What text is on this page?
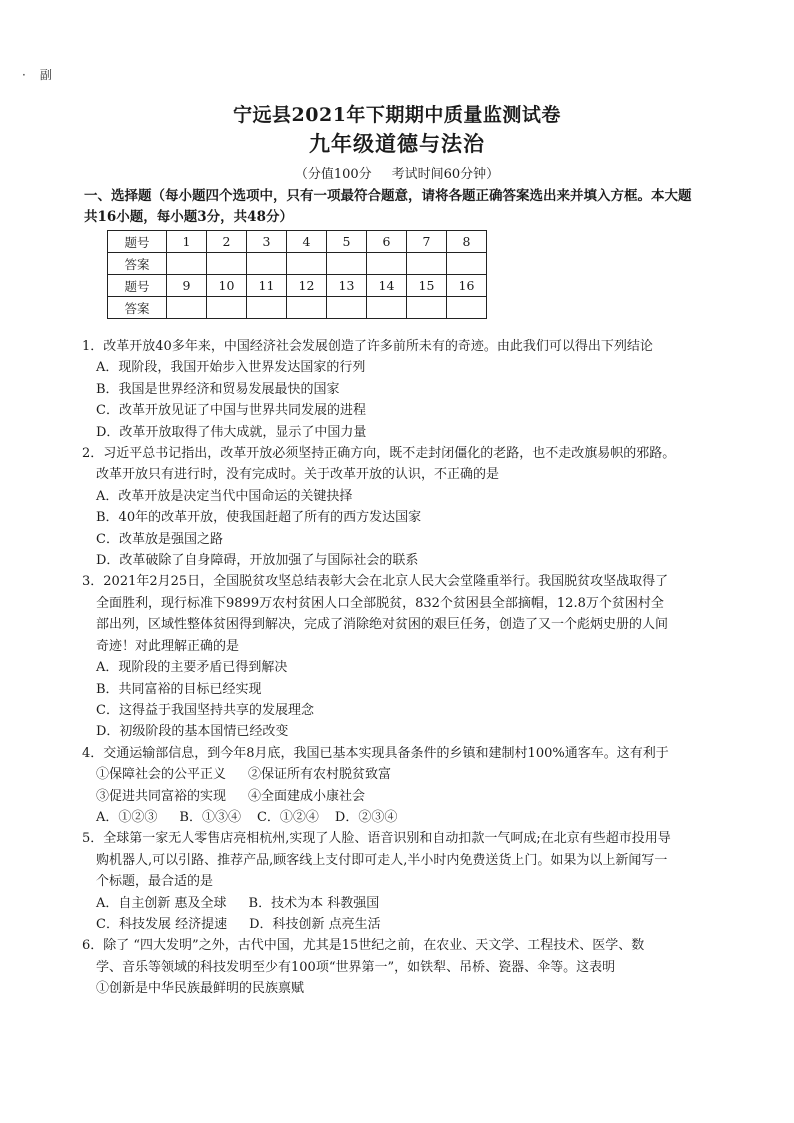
· 副
宁远县2021年下期期中质量监测试卷
九年级道德与法治
（分值100分 考试时间60分钟）
一、选择题（每小题四个选项中，只有一项最符合题意，请将各题正确答案选出来并填入方框。本大题
共16小题，每小题3分，共48分）
题号	1	2	3	4	5	6	7	8
答案								
题号	9	10	11	12	13	14	15	16
答案								
1．改革开放40多年来，中国经济社会发展创造了许多前所未有的奇迹。由此我们可以得出下列结论
A．现阶段，我国开始步入世界发达国家的行列
B．我国是世界经济和贸易发展最快的国家
C．改革开放见证了中国与世界共同发展的进程
D．改革开放取得了伟大成就，显示了中国力量
2．习近平总书记指出，改革开放必须坚持正确方向，既不走封闭僵化的老路，也不走改旗易帜的邪路。
改革开放只有进行时，没有完成时。关于改革开放的认识，不正确的是
A．改革开放是决定当代中国命运的关键抉择
B．40年的改革开放，使我国赶超了所有的西方发达国家
C．改革放是强国之路
D．改革破除了自身障碍，开放加强了与国际社会的联系
3．2021年2月25日，全国脱贫攻坚总结表彰大会在北京人民大会堂隆重举行。我国脱贫攻坚战取得了
全面胜利，现行标准下9899万农村贫困人口全部脱贫，832个贫困县全部摘帽，12.8万个贫困村全
部出列，区域性整体贫困得到解决，完成了消除绝对贫困的艰巨任务，创造了又一个彪炳史册的人间
奇迹！对此理解正确的是
A．现阶段的主要矛盾已得到解决
B．共同富裕的目标已经实现
C．这得益于我国坚持共享的发展理念
D．初级阶段的基本国情已经改变
4．交通运输部信息，到今年8月底，我国已基本实现具备条件的乡镇和建制村100%通客车。这有利于
①保障社会的公平正义 ②保证所有农村脱贫致富
③促进共同富裕的实现 ④全面建成小康社会
A．①②③ B．①③④ C．①②④ D．②③④
5．全球第一家无人零售店亮相杭州,实现了人脸、语音识别和自动扣款一气呵成;在北京有些超市投用导
购机器人,可以引路、推荐产品,顾客线上支付即可走人,半小时内免费送货上门。如果为以上新闻写一
个标题，最合适的是
A．自主创新 惠及全球 B．技术为本 科教强国
C．科技发展 经济提速 D．科技创新 点亮生活
6．除了 “四大发明”之外，古代中国，尤其是15世纪之前，在农业、天文学、工程技术、医学、数
学、音乐等领域的科技发明至少有100项“世界第一”，如铁犁、吊桥、瓷器、伞等。这表明
①创新是中华民族最鲜明的民族禀赋
